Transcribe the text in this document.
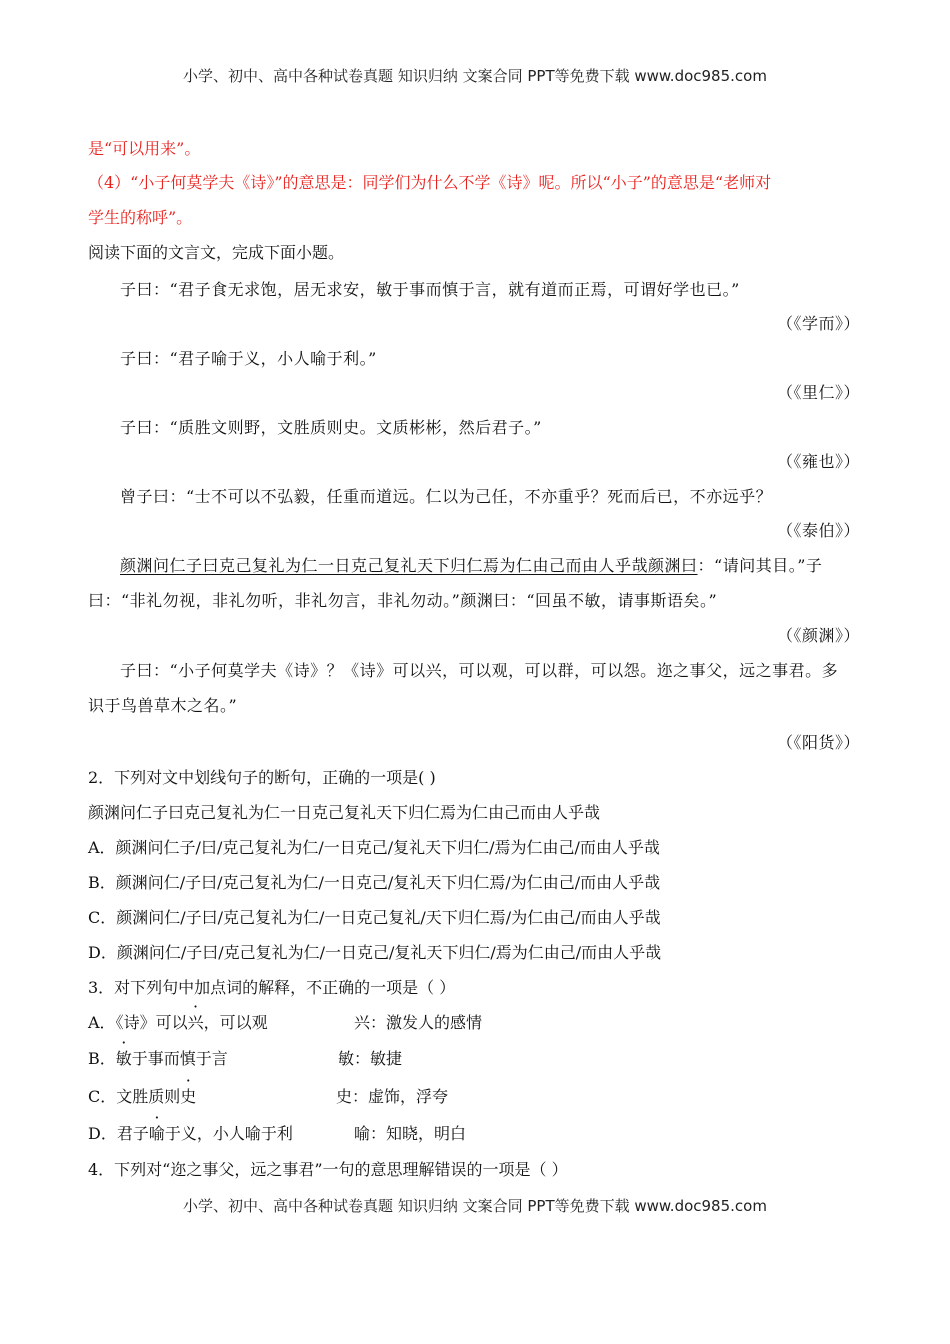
小学、初中、高中各种试卷真题 知识归纳 文案合同 PPT等免费下载 www.doc985.com
是“可以用来”。
（4）“小子何莫学夫《诗》”的意思是：同学们为什么不学《诗》呢。所以“小子”的意思是“老师对
学生的称呼”。
阅读下面的文言文，完成下面小题。
子曰：“君子食无求饱，居无求安，敏于事而慎于言，就有道而正焉，可谓好学也已。”
（《学而》）
子曰：“君子喻于义，小人喻于利。”
（《里仁》）
子曰：“质胜文则野，文胜质则史。文质彬彬，然后君子。”
（《雍也》）
曾子曰：“士不可以不弘毅，任重而道远。仁以为己任，不亦重乎？死而后已，不亦远乎？
（《泰伯》）
颜渊问仁子曰克己复礼为仁一日克己复礼天下归仁焉为仁由己而由人乎哉颜渊曰：“请问其目。”子
曰：“非礼勿视，非礼勿听，非礼勿言，非礼勿动。”颜渊曰：“回虽不敏，请事斯语矣。”
（《颜渊》）
子曰：“小子何莫学夫《诗》？《诗》可以兴，可以观，可以群，可以怨。迩之事父，远之事君。多
识于鸟兽草木之名。”
（《阳货》）
2．下列对文中划线句子的断句，正确的一项是( )
颜渊问仁子曰克己复礼为仁一日克己复礼天下归仁焉为仁由己而由人乎哉
A．颜渊问仁子/曰/克己复礼为仁/一日克己/复礼天下归仁/焉为仁由己/而由人乎哉
B．颜渊问仁/子曰/克己复礼为仁/一日克己/复礼天下归仁焉/为仁由己/而由人乎哉
C．颜渊问仁/子曰/克己复礼为仁/一日克己复礼/天下归仁焉/为仁由己/而由人乎哉
D．颜渊问仁/子曰/克己复礼为仁/一日克己/复礼天下归仁/焉为仁由己/而由人乎哉
3．对下列句中加点词的解释，不正确的一项是（ ）
A．《诗》可以兴，可以观	兴：激发人的感情
B．敏于事而慎于言	敏：敏捷
C．文胜质则史	史：虚饰，浮夸
D．君子喻于义，小人喻于利	喻：知晓，明白
4．下列对“迩之事父，远之事君”一句的意思理解错误的一项是（ ）
小学、初中、高中各种试卷真题 知识归纳 文案合同 PPT等免费下载 www.doc985.com
